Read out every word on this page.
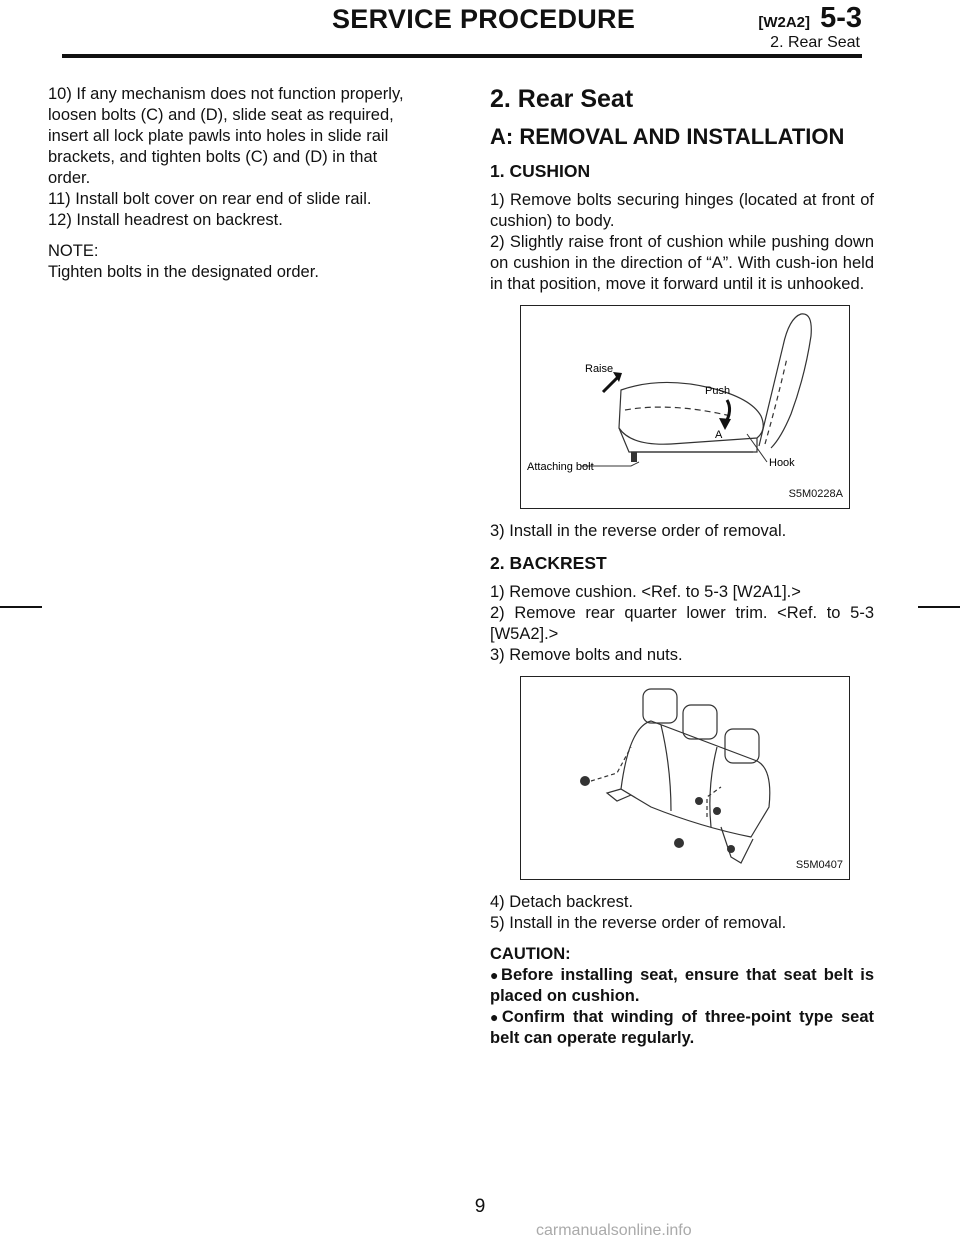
SERVICE PROCEDURE	[W2A2] 5-3
2. Rear Seat
10) If any mechanism does not function properly,
loosen bolts (C) and (D), slide seat as required,
insert all lock plate pawls into holes in slide rail
brackets, and tighten bolts (C) and (D) in that
order.
11) Install bolt cover on rear end of slide rail.
12) Install headrest on backrest.
NOTE:
Tighten bolts in the designated order.
2. Rear Seat
A: REMOVAL AND INSTALLATION
1. CUSHION

1) Remove bolts securing hinges (located at front of cushion) to body.

2) Slightly raise front of cushion while pushing down on cushion in the direction of “A”. With cush-ion held in that position, move it forward until it is unhooked.

Raise
Push
A
Attaching bolt	Hook
S5M0228A

3) Install in the reverse order of removal.

2. BACKREST

1) Remove cushion. <Ref. to 5-3 [W2A1].>

2) Remove rear quarter lower trim. <Ref. to 5-3 [W5A2].>

3) Remove bolts and nuts.

S5M0407

4) Detach backrest.

5) Install in the reverse order of removal.

CAUTION:
●Before installing seat, ensure that seat belt is placed on cushion.
●Confirm that winding of three-point type seat belt can operate regularly.
9
carmanualsonline.info
